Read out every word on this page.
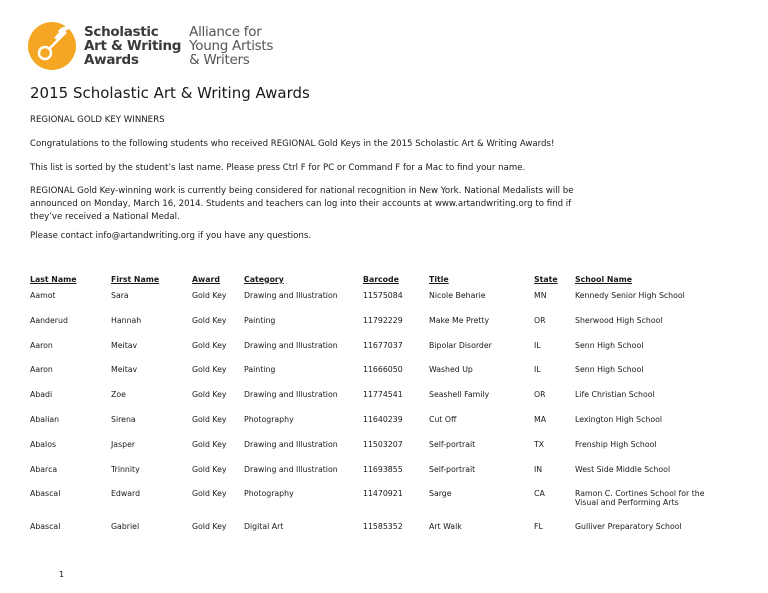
Scholastic
Art & Writing
Awards
Alliance for
Young Artists
& Writers
2015 Scholastic Art & Writing Awards

REGIONAL GOLD KEY WINNERS

Congratulations to the following students who received REGIONAL Gold Keys in the 2015 Scholastic Art & Writing Awards!

This list is sorted by the student’s last name. Please press Ctrl F for PC or Command F for a Mac to find your name.

REGIONAL Gold Key-winning work is currently being considered for national recognition in New York. National Medalists will be announced on Monday, March 16, 2014. Students and teachers can log into their accounts at www.artandwriting.org to find if they’ve received a National Medal.

Please contact info@artandwriting.org if you have any questions.

Last Name	First Name	Award	Category	Barcode	Title	State	School Name
Aamot	Sara	Gold Key	Drawing and Illustration	11575084	Nicole Beharie	MN	Kennedy Senior High School
Aanderud	Hannah	Gold Key	Painting	11792229	Make Me Pretty	OR	Sherwood High School
Aaron	Meitav	Gold Key	Drawing and Illustration	11677037	Bipolar Disorder	IL	Senn High School
Aaron	Meitav	Gold Key	Painting	11666050	Washed Up	IL	Senn High School
Abadi	Zoe	Gold Key	Drawing and Illustration	11774541	Seashell Family	OR	Life Christian School
Abalian	Sirena	Gold Key	Photography	11640239	Cut Off	MA	Lexington High School
Abalos	Jasper	Gold Key	Drawing and Illustration	11503207	Self-portrait	TX	Frenship High School
Abarca	Trinnity	Gold Key	Drawing and Illustration	11693855	Self-portrait	IN	West Side Middle School
Abascal	Edward	Gold Key	Photography	11470921	Sarge	CA	Ramon C. Cortines School for the Visual and Performing Arts
Abascal	Gabriel	Gold Key	Digital Art	11585352	Art Walk	FL	Gulliver Preparatory School
1
